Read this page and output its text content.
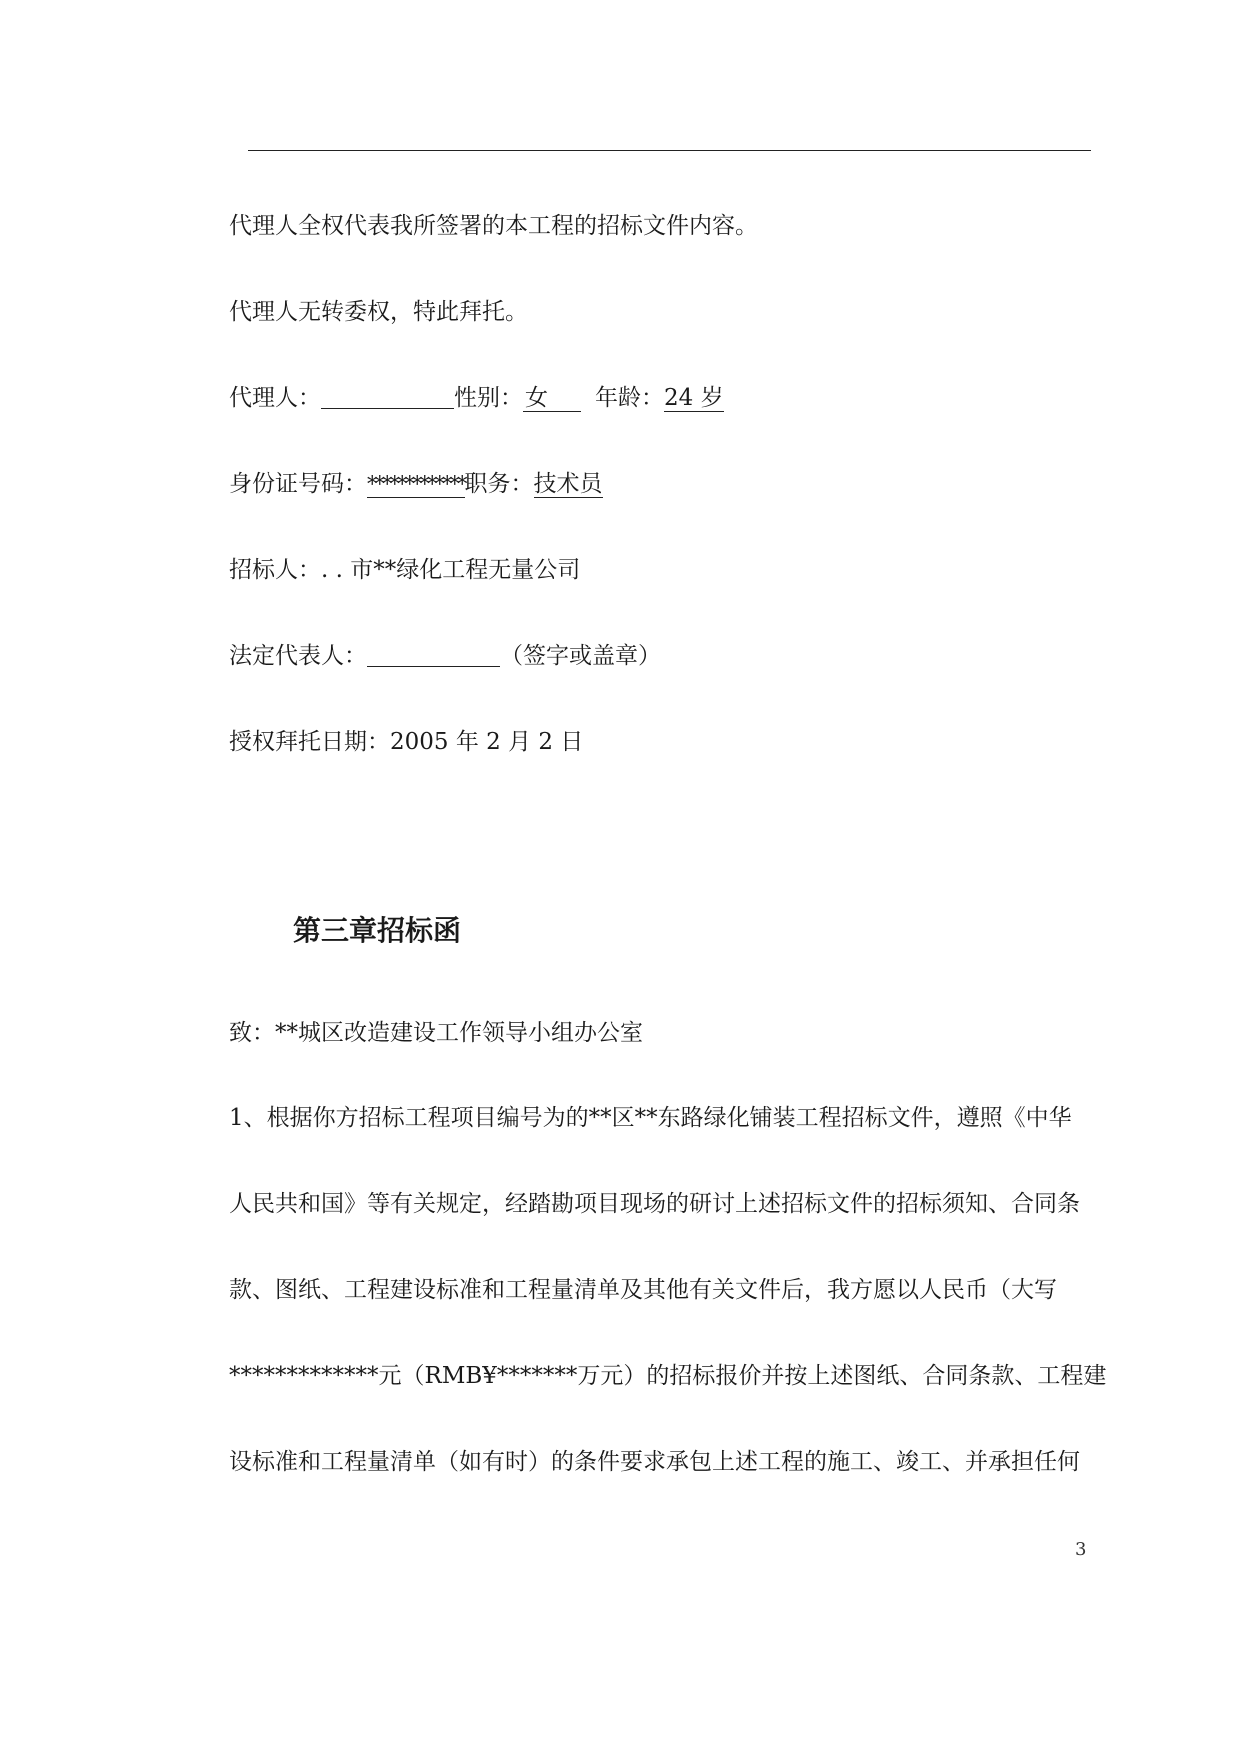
代理人全权代表我所签署的本工程的招标文件内容。
代理人无转委权，特此拜托。
代理人：	性别：女 年龄：24 岁
身份证号码：*************职务：技术员
招标人：. . 市**绿化工程无量公司
法定代表人：	（签字或盖章）
授权拜托日期：2005 年 2 月 2 日
第三章招标函
致：**城区改造建设工作领导小组办公室
1、根据你方招标工程项目编号为的**区**东路绿化铺装工程招标文件，遵照《中华
人民共和国》等有关规定，经踏勘项目现场的研讨上述招标文件的招标须知、合同条
款、图纸、工程建设标准和工程量清单及其他有关文件后，我方愿以人民币（大写
*************元（RMB¥*******万元）的招标报价并按上述图纸、合同条款、工程建
设标准和工程量清单（如有时）的条件要求承包上述工程的施工、竣工、并承担任何
3
